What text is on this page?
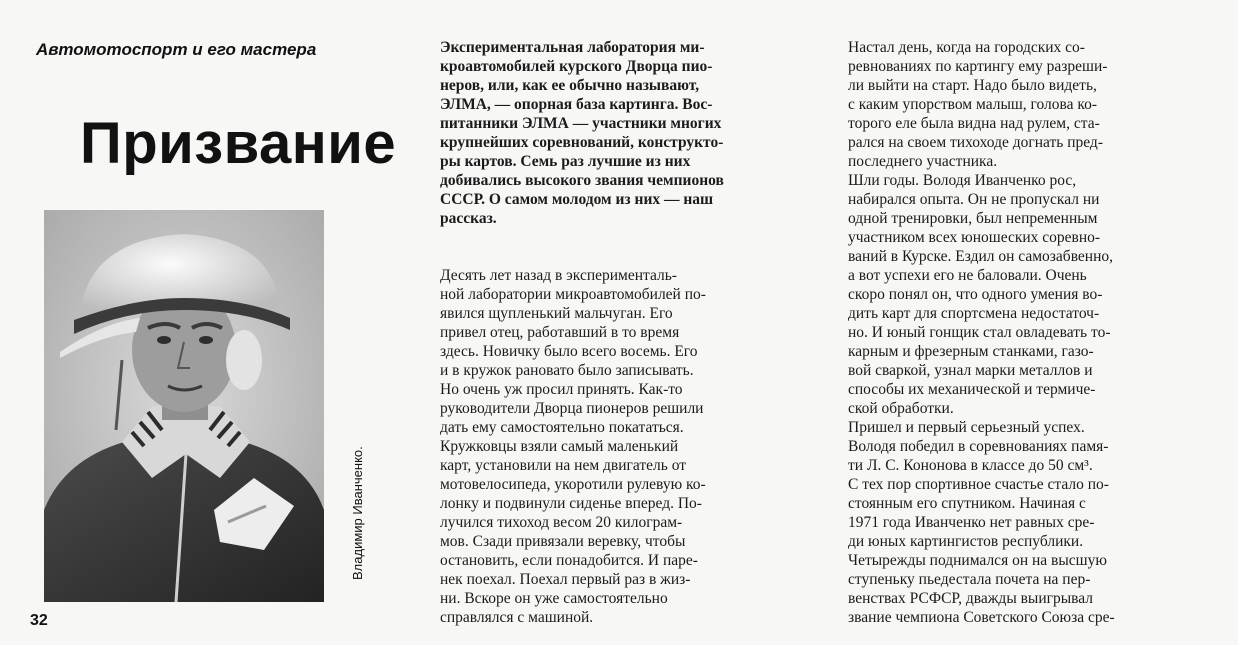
Автомотоспорт и его мастера
Призвание
Владимир Иванченко.
32
Экспериментальная лаборатория ми-
кроавтомобилей курского Дворца пио-
неров, или, как ее обычно называют,
ЭЛМА, — опорная база картинга. Вос-
питанники ЭЛМА — участники многих
крупнейших соревнований, конструкто-
ры картов. Семь раз лучшие из них
добивались высокого звания чемпионов
СССР. О самом молодом из них — наш
рассказ.
Десять лет назад в эксперименталь-
ной лаборатории микроавтомобилей по-
явился щупленький мальчуган. Его
привел отец, работавший в то время
здесь. Новичку было всего восемь. Его
и в кружок рановато было записывать.
Но очень уж просил принять. Как-то
руководители Дворца пионеров решили
дать ему самостоятельно покататься.
Кружковцы взяли самый маленький
карт, установили на нем двигатель от
мотовелосипеда, укоротили рулевую ко-
лонку и подвинули сиденье вперед. По-
лучился тихоход весом 20 килограм-
мов. Сзади привязали веревку, чтобы
остановить, если понадобится. И парe-
нек поехал. Поехал первый раз в жиз-
ни. Вскоре он уже самостоятельно
справлялся с машиной.
Настал день, когда на городских со-
ревнованиях по картингу ему разреши-
ли выйти на старт. Надо было видеть,
с каким упорством малыш, голова ко-
торого еле была видна над рулем, ста-
рался на своем тихоходе догнать пред-
последнего участника.
Шли годы. Володя Иванченко рос,
набирался опыта. Он не пропускал ни
одной тренировки, был непременным
участником всех юношеских соревно-
ваний в Курске. Ездил он самозабвенно,
а вот успехи его не баловали. Очень
скоро понял он, что одного умения во-
дить карт для спортсмена недостаточ-
но. И юный гонщик стал овладевать то-
карным и фрезерным станками, газо-
вой сваркой, узнал марки металлов и
способы их механической и термиче-
ской обработки.
Пришел и первый серьезный успех.
Володя победил в соревнованиях памя-
ти Л. С. Кононова в классе до 50 см³.
С тех пор спортивное счастье стало по-
стоянным его спутником. Начиная с
1971 года Иванченко нет равных сре-
ди юных картингистов республики.
Четырежды поднимался он на высшую
ступеньку пьедестала почета на пер-
венствах РСФСР, дважды выигрывал
звание чемпиона Советского Союза сре-
